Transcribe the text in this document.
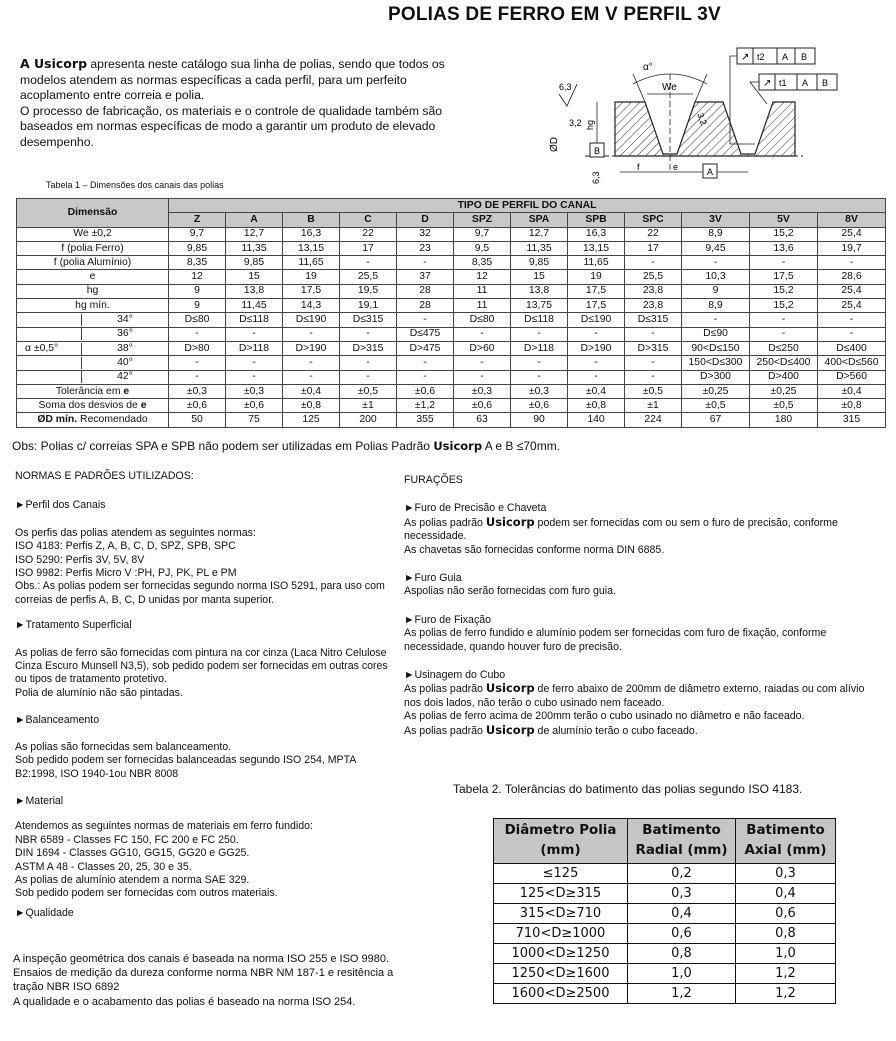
POLIAS DE FERRO EM V PERFIL 3V
A Usicorp apresenta neste catálogo sua linha de polias, sendo que todos os modelos atendem as normas específicas a cada perfil, para um perfeito acoplamento entre correia e polia.
O processo de fabricação, os materiais e o controle de qualidade também são baseados em normas específicas de modo a garantir um produto de elevado desempenho.
α°
We
3,2
6,3
hg
3,2
ØD	B
f	e	A
6,3
↗ t2 A B
↗ t1 A B
Tabela 1 – Dimensões dos canais das polias
Dimensão	TIPO DE PERFIL DO CANAL											
	Z	A	B	C	D	SPZ	SPA	SPB	SPC	3V	5V	8V
We ±0,2	9,7	12,7	16,3	22	32	9,7	12,7	16,3	22	8,9	15,2	25,4
f (polia Ferro)	9,85	11,35	13,15	17	23	9,5	11,35	13,15	17	9,45	13,6	19,7
f (polia Alumínio)	8,35	9,85	11,65	-	-	8,35	9,85	11,65	-	-	-	-
e	12	15	19	25,5	37	12	15	19	25,5	10,3	17,5	28,6
hg	9	13,8	17,5	19,5	28	11	13,8	17,5	23,8	9	15,2	25,4
hg mín.	9	11,45	14,3	19,1	28	11	13,75	17,5	23,8	8,9	15,2	25,4

34°	D≤80	D≤118	D≤190	D≤315	-	D≤80	D≤118	D≤190	D≤315	-	-	-

36°	-	-	-	-	D≤475	-	-	-	-	D≤90	-	-

α ±0,5° 38°	D>80	D>118	D>190	D>315	D>475	D>60	D>118	D>190	D>315	90<D≤150	D≤250	D≤400

40°	-	-	-	-	-	-	-	-	-	150<D≤300	250<D≤400	400<D≤560

42°	-	-	-	-	-	-	-	-	-	D>300	D>400	D>560
Tolerância em e	±0,3	±0,3	±0,4	±0,5	±0,6	±0,3	±0,3	±0,4	±0,5	±0,25	±0,25	±0,4
Soma dos desvios de e	±0,6	±0,6	±0,8	±1	±1,2	±0,6	±0,6	±0,8	±1	±0,5	±0,5	±0,8
ØD mín. Recomendado	50	75	125	200	355	63	90	140	224	67	180	315
Obs: Polias c/ correias SPA e SPB não podem ser utilizadas em Polias Padrão Usicorp A e B ≤70mm.

NORMAS E PADRÕES UTILIZADOS:

►Perfil dos Canais

Os perfis das polias atendem as seguintes normas:

ISO 4183: Perfis Z, A, B, C, D, SPZ, SPB, SPC

ISO 5290: Perfis 3V, 5V, 8V

ISO 9982: Perfis Micro V :PH, PJ, PK, PL e PM

Obs.: As polias podem ser fornecidas segundo norma ISO 5291, para uso com correias de perfis A, B, C, D unidas por manta superior.

►Tratamento Superficial

As polias de ferro são fornecidas com pintura na cor cinza (Laca Nitro Celulose Cinza Escuro Munsell N3,5), sob pedido podem ser fornecidas em outras cores ou tipos de tratamento protetivo.

Polia de alumínio não são pintadas.

►Balanceamento

As polias são fornecidas sem balanceamento.

Sob pedido podem ser fornecidas balanceadas segundo ISO 254, MPTA B2:1998, ISO 1940-1ou NBR 8008

►Material

Atendemos as seguintes normas de materiais em ferro fundido:

NBR 6589 - Classes FC 150, FC 200 e FC 250.

DIN 1694 - Classes GG10, GG15, GG20 e GG25.

ASTM A 48 - Classes 20, 25, 30 e 35.

As polias de alumínio atendem a norma SAE 329.

Sob pedido podem ser fornecidas com outros materiais.

►Qualidade

A inspeção geométrica dos canais é baseada na norma ISO 255 e ISO 9980.

Ensaios de medição da dureza conforme norma NBR NM 187-1 e resitência a tração NBR ISO 6892

A qualidade e o acabamento das polias é baseado na norma ISO 254.

FURAÇÕES

►Furo de Precisão e Chaveta

As polias padrão Usicorp podem ser fornecidas com ou sem o furo de precisão, conforme necessidade.

As chavetas são fornecidas conforme norma DIN 6885.

►Furo Guia

Aspolias não serão fornecidas com furo guia.

►Furo de Fixação

As polias de ferro fundido e alumínio podem ser fornecidas com furo de fixação, conforme necessidade, quando houver furo de precisão.

►Usinagem do Cubo

As polias padrão Usicorp de ferro abaixo de 200mm de diâmetro externo, raiadas ou com alívio nos dois lados, não terão o cubo usinado nem faceado.

As polias de ferro acima de 200mm terão o cubo usinado no diâmetro e não faceado.

As polias padrão Usicorp de alumínio terão o cubo faceado.

Tabela 2. Tolerâncias do batimento das polias segundo ISO 4183.
Diâmetro Polia (mm)	Batimento Radial (mm)	Batimento Axial (mm)
≤125	0,2	0,3
125<D≥315	0,3	0,4
315<D≥710	0,4	0,6
710<D≥1000	0,6	0,8
1000<D≥1250	0,8	1,0
1250<D≥1600	1,0	1,2
1600<D≥2500	1,2	1,2
